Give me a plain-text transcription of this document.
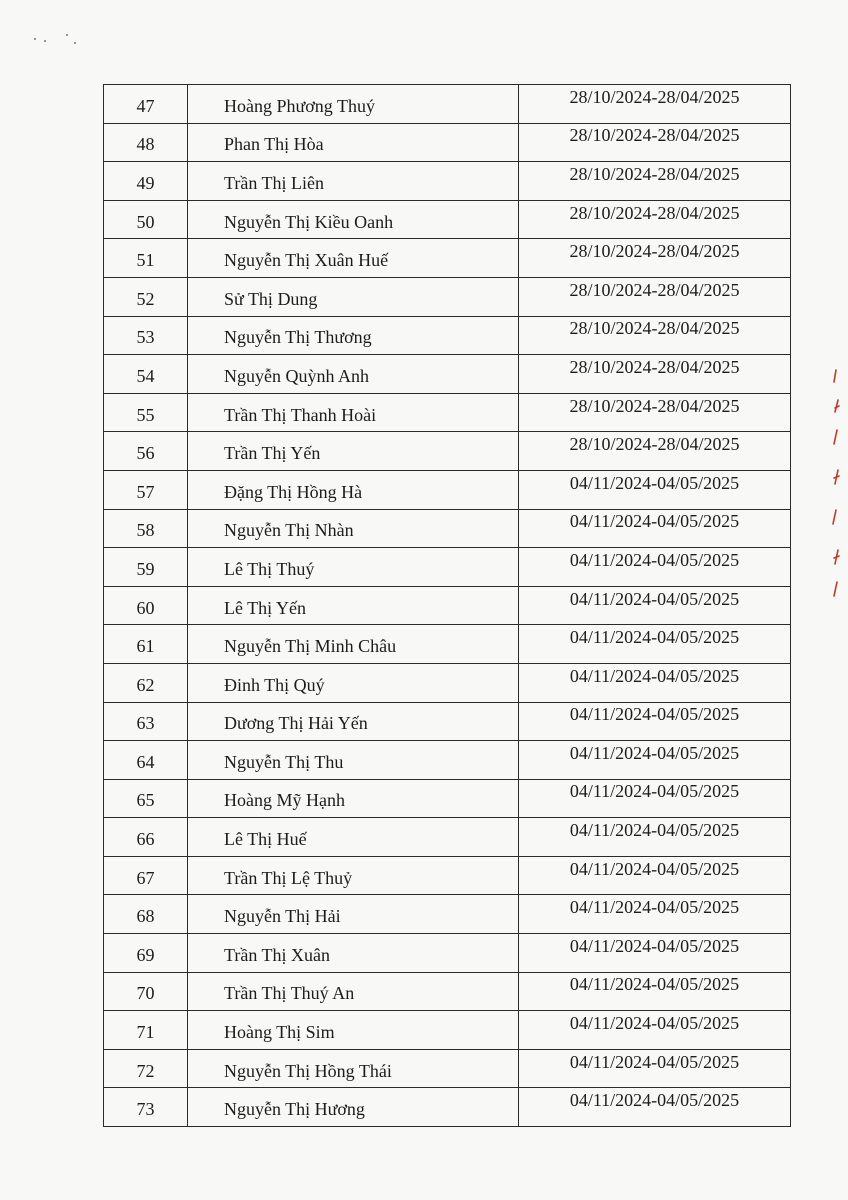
47	Hoàng Phương Thuý	28/10/2024-28/04/2025
48	Phan Thị Hòa	28/10/2024-28/04/2025
49	Trần Thị Liên	28/10/2024-28/04/2025
50	Nguyễn Thị Kiều Oanh	28/10/2024-28/04/2025
51	Nguyễn Thị Xuân Huế	28/10/2024-28/04/2025
52	Sử Thị Dung	28/10/2024-28/04/2025
53	Nguyễn Thị Thương	28/10/2024-28/04/2025
54	Nguyễn Quỳnh Anh	28/10/2024-28/04/2025
55	Trần Thị Thanh Hoài	28/10/2024-28/04/2025
56	Trần Thị Yến	28/10/2024-28/04/2025
57	Đặng Thị Hồng Hà	04/11/2024-04/05/2025
58	Nguyễn Thị Nhàn	04/11/2024-04/05/2025
59	Lê Thị Thuý	04/11/2024-04/05/2025
60	Lê Thị Yến	04/11/2024-04/05/2025
61	Nguyễn Thị Minh Châu	04/11/2024-04/05/2025
62	Đinh Thị Quý	04/11/2024-04/05/2025
63	Dương Thị Hải Yến	04/11/2024-04/05/2025
64	Nguyễn Thị Thu	04/11/2024-04/05/2025
65	Hoàng Mỹ Hạnh	04/11/2024-04/05/2025
66	Lê Thị Huế	04/11/2024-04/05/2025
67	Trần Thị Lệ Thuỷ	04/11/2024-04/05/2025
68	Nguyễn Thị Hải	04/11/2024-04/05/2025
69	Trần Thị Xuân	04/11/2024-04/05/2025
70	Trần Thị Thuý An	04/11/2024-04/05/2025
71	Hoàng Thị Sim	04/11/2024-04/05/2025
72	Nguyễn Thị Hồng Thái	04/11/2024-04/05/2025
73	Nguyễn Thị Hương	04/11/2024-04/05/2025
